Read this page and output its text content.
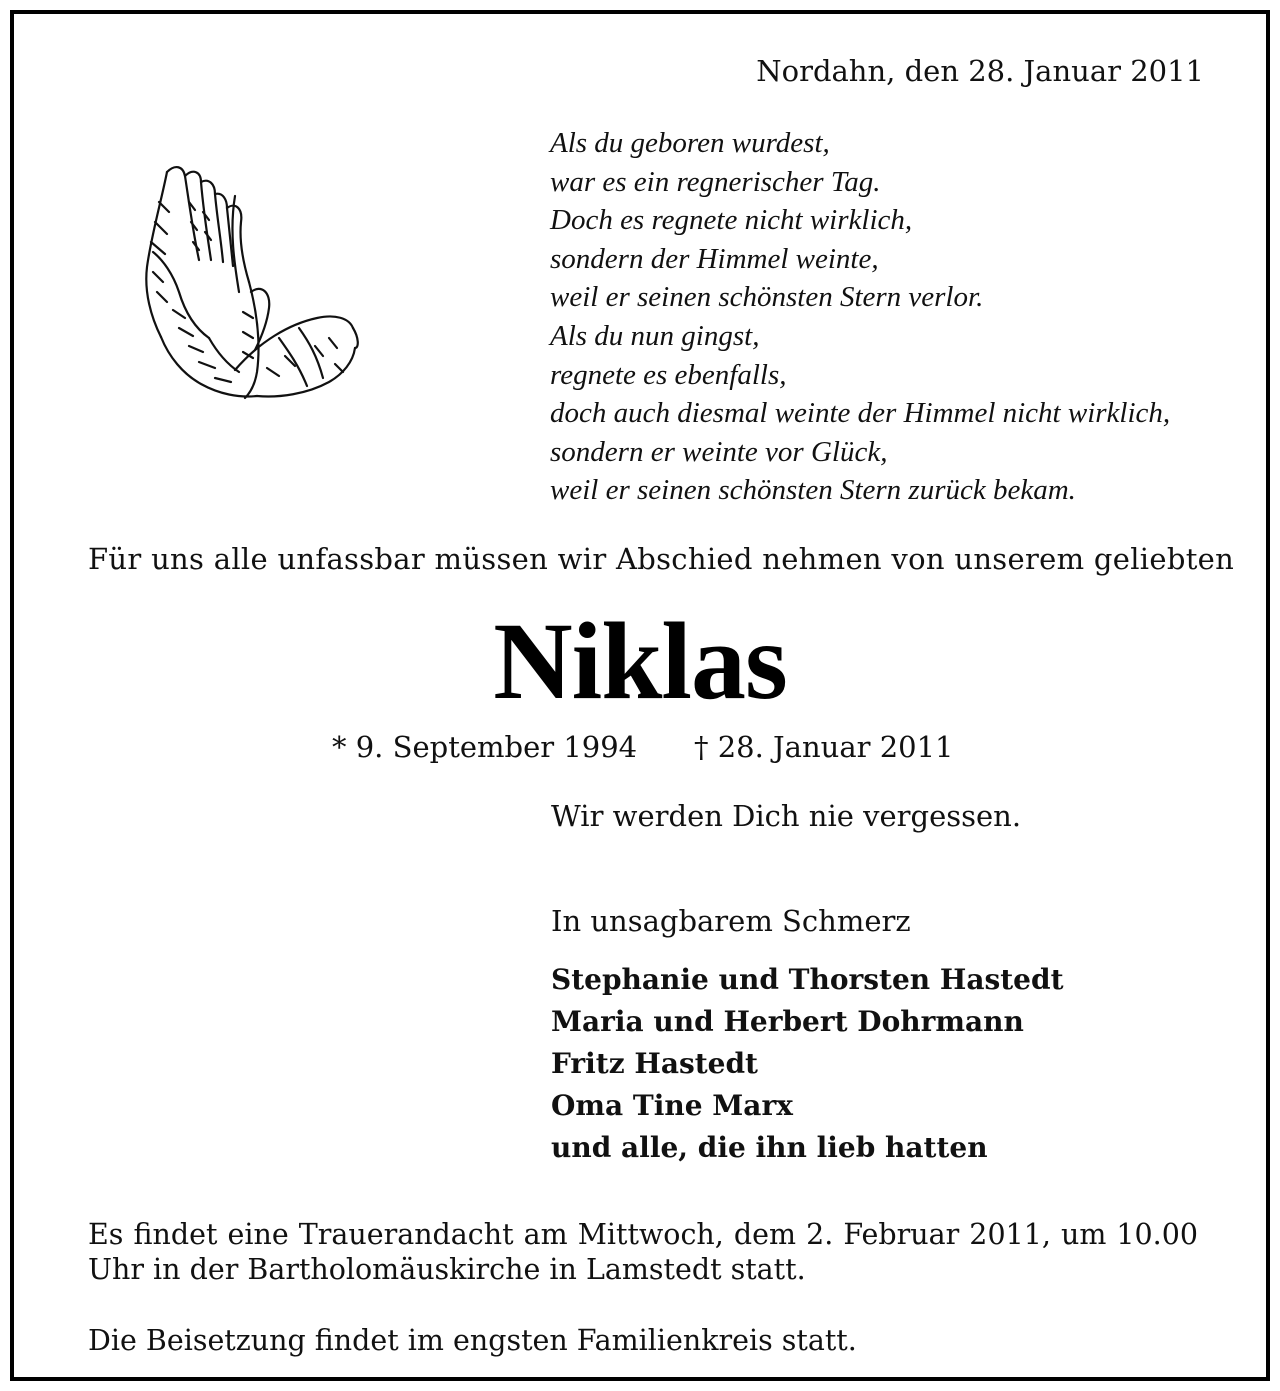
Nordahn, den 28. Januar 2011
Als du geboren wurdest,
war es ein regnerischer Tag.
Doch es regnete nicht wirklich,
sondern der Himmel weinte,
weil er seinen schönsten Stern verlor.
Als du nun gingst,
regnete es ebenfalls,
doch auch diesmal weinte der Himmel nicht wirklich,
sondern er weinte vor Glück,
weil er seinen schönsten Stern zurück bekam.
Für uns alle unfassbar müssen wir Abschied nehmen von unserem geliebten
Niklas
* 9. September 1994 † 28. Januar 2011
Wir werden Dich nie vergessen.
In unsagbarem Schmerz
Stephanie und Thorsten Hastedt
Maria und Herbert Dohrmann
Fritz Hastedt
Oma Tine Marx
und alle, die ihn lieb hatten
Es findet eine Trauerandacht am Mittwoch, dem 2. Februar 2011, um 10.00 Uhr in der Bartholomäuskirche in Lamstedt statt.
Die Beisetzung findet im engsten Familienkreis statt.
